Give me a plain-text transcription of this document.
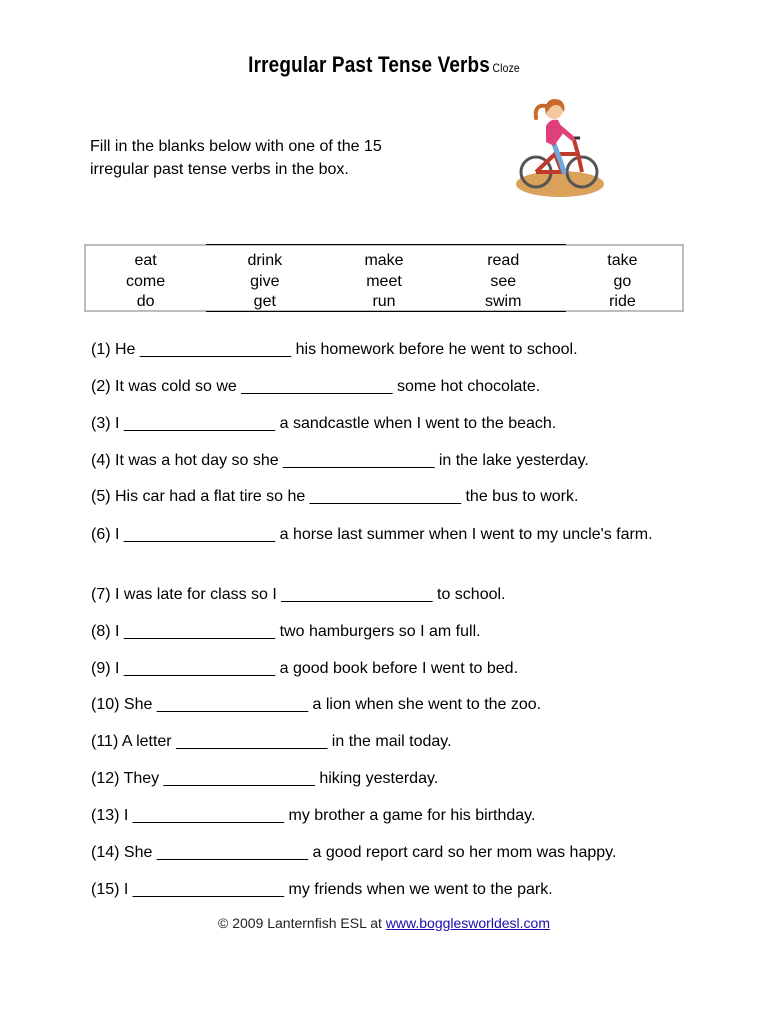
Irregular Past Tense Verbs Cloze
Fill in the blanks below with one of the 15
irregular past tense verbs in the box.
eat	drink	make	read	take
come	give	meet	see	go
do	get	run	swim	ride
(1) He _________________ his homework before he went to school.
(2) It was cold so we _________________ some hot chocolate.
(3) I _________________ a sandcastle when I went to the beach.
(4) It was a hot day so she _________________ in the lake yesterday.
(5) His car had a flat tire so he _________________ the bus to work.
(6) I _________________ a horse last summer when I went to my uncle's farm.
(7) I was late for class so I _________________ to school.
(8) I _________________ two hamburgers so I am full.
(9) I _________________ a good book before I went to bed.
(10) She _________________ a lion when she went to the zoo.
(11) A letter _________________ in the mail today.
(12) They _________________ hiking yesterday.
(13) I _________________ my brother a game for his birthday.
(14) She _________________ a good report card so her mom was happy.
(15) I _________________ my friends when we went to the park.
© 2009 Lanternfish ESL at www.bogglesworldesl.com
